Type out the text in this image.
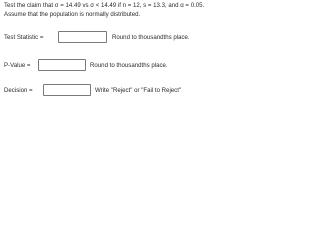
Test the claim that σ = 14.49 vs σ < 14.49 if n = 12, s = 13.3, and α = 0.05.
Assume that the population is normally distributed.
Test Statistic =	Round to thousandths place.
P-Value =	Round to thousandths place.
Decision =	Write "Reject" or "Fail to Reject"
